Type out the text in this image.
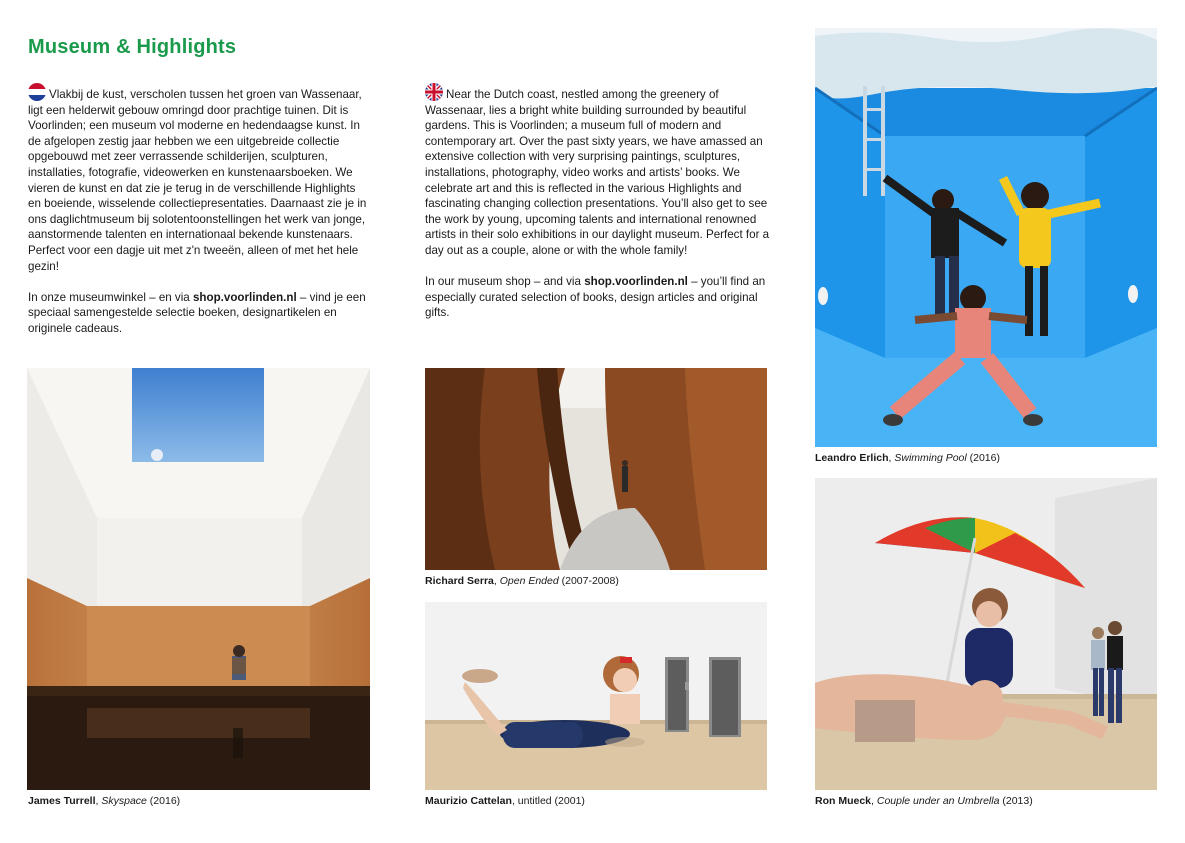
Museum & Highlights

Vlakbij de kust, verscholen tussen het groen van Wassenaar, ligt een helderwit gebouw omringd door prachtige tuinen. Dit is Voorlinden; een museum vol moderne en hedendaagse kunst. In de afgelopen zestig jaar hebben we een uitgebreide collectie opgebouwd met zeer verrassende schilderijen, sculpturen, installaties, fotografie, videowerken en kunstenaarsboeken. We vieren de kunst en dat zie je terug in de verschillende Highlights en boeiende, wisselende collectiepresentaties. Daarnaast zie je in ons daglichtmuseum bij solotentoonstellingen het werk van jonge, aanstormende talenten en internationaal bekende kunstenaars. Perfect voor een dagje uit met z'n tweeën, alleen of met het hele gezin!

In onze museumwinkel – en via shop.voorlinden.nl – vind je een speciaal samengestelde selectie boeken, designartikelen en originele cadeaus.

Near the Dutch coast, nestled among the greenery of Wassenaar, lies a bright white building surrounded by beautiful gardens. This is Voorlinden; a museum full of modern and contemporary art. Over the past sixty years, we have amassed an extensive collection with very surprising paintings, sculptures, installations, photography, video works and artists’ books. We celebrate art and this is reflected in the various Highlights and fascinating changing collection presentations. You’ll also get to see the work by young, upcoming talents and international renowned artists in their solo exhibitions in our daylight museum. Perfect for a day out as a couple, alone or with the whole family!

In our museum shop – and via shop.voorlinden.nl – you’ll find an especially curated selection of books, design articles and original gifts.

James Turrell, Skyspace (2016)
Richard Serra, Open Ended (2007-2008)
Maurizio Cattelan, untitled (2001)
Leandro Erlich, Swimming Pool (2016)
Ron Mueck, Couple under an Umbrella (2013)
